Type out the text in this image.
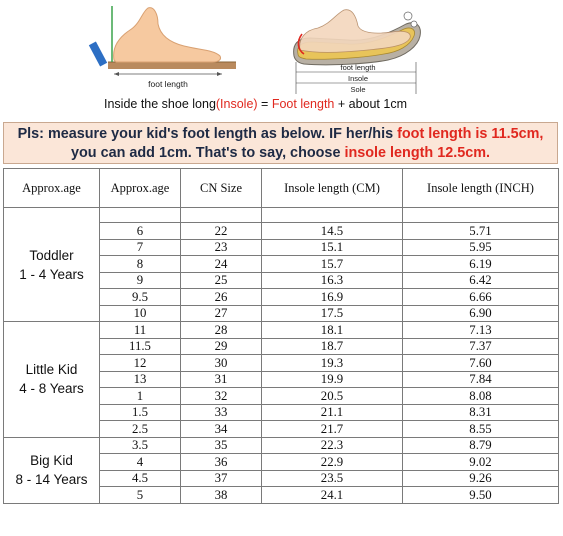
foot length
foot length
Insole
Sole
Inside the shoe long(Insole) = Foot length + about 1cm
Pls: measure your kid's foot length as below. IF her/his foot length is 11.5cm,
you can add 1cm. That's to say, choose insole length 12.5cm.
Approx.age	Approx.age	CN Size	Insole length (CM)	Insole length (INCH)
Toddler
1 - 4 Years				
	6	22	14.5	5.71
	7	23	15.1	5.95
	8	24	15.7	6.19
	9	25	16.3	6.42
	9.5	26	16.9	6.66
	10	27	17.5	6.90
Little Kid
4 - 8 Years	11	28	18.1	7.13
	11.5	29	18.7	7.37
	12	30	19.3	7.60
	13	31	19.9	7.84
	1	32	20.5	8.08
	1.5	33	21.1	8.31
	2.5	34	21.7	8.55
Big Kid
8 - 14 Years	3.5	35	22.3	8.79
	4	36	22.9	9.02
	4.5	37	23.5	9.26
	5	38	24.1	9.50
